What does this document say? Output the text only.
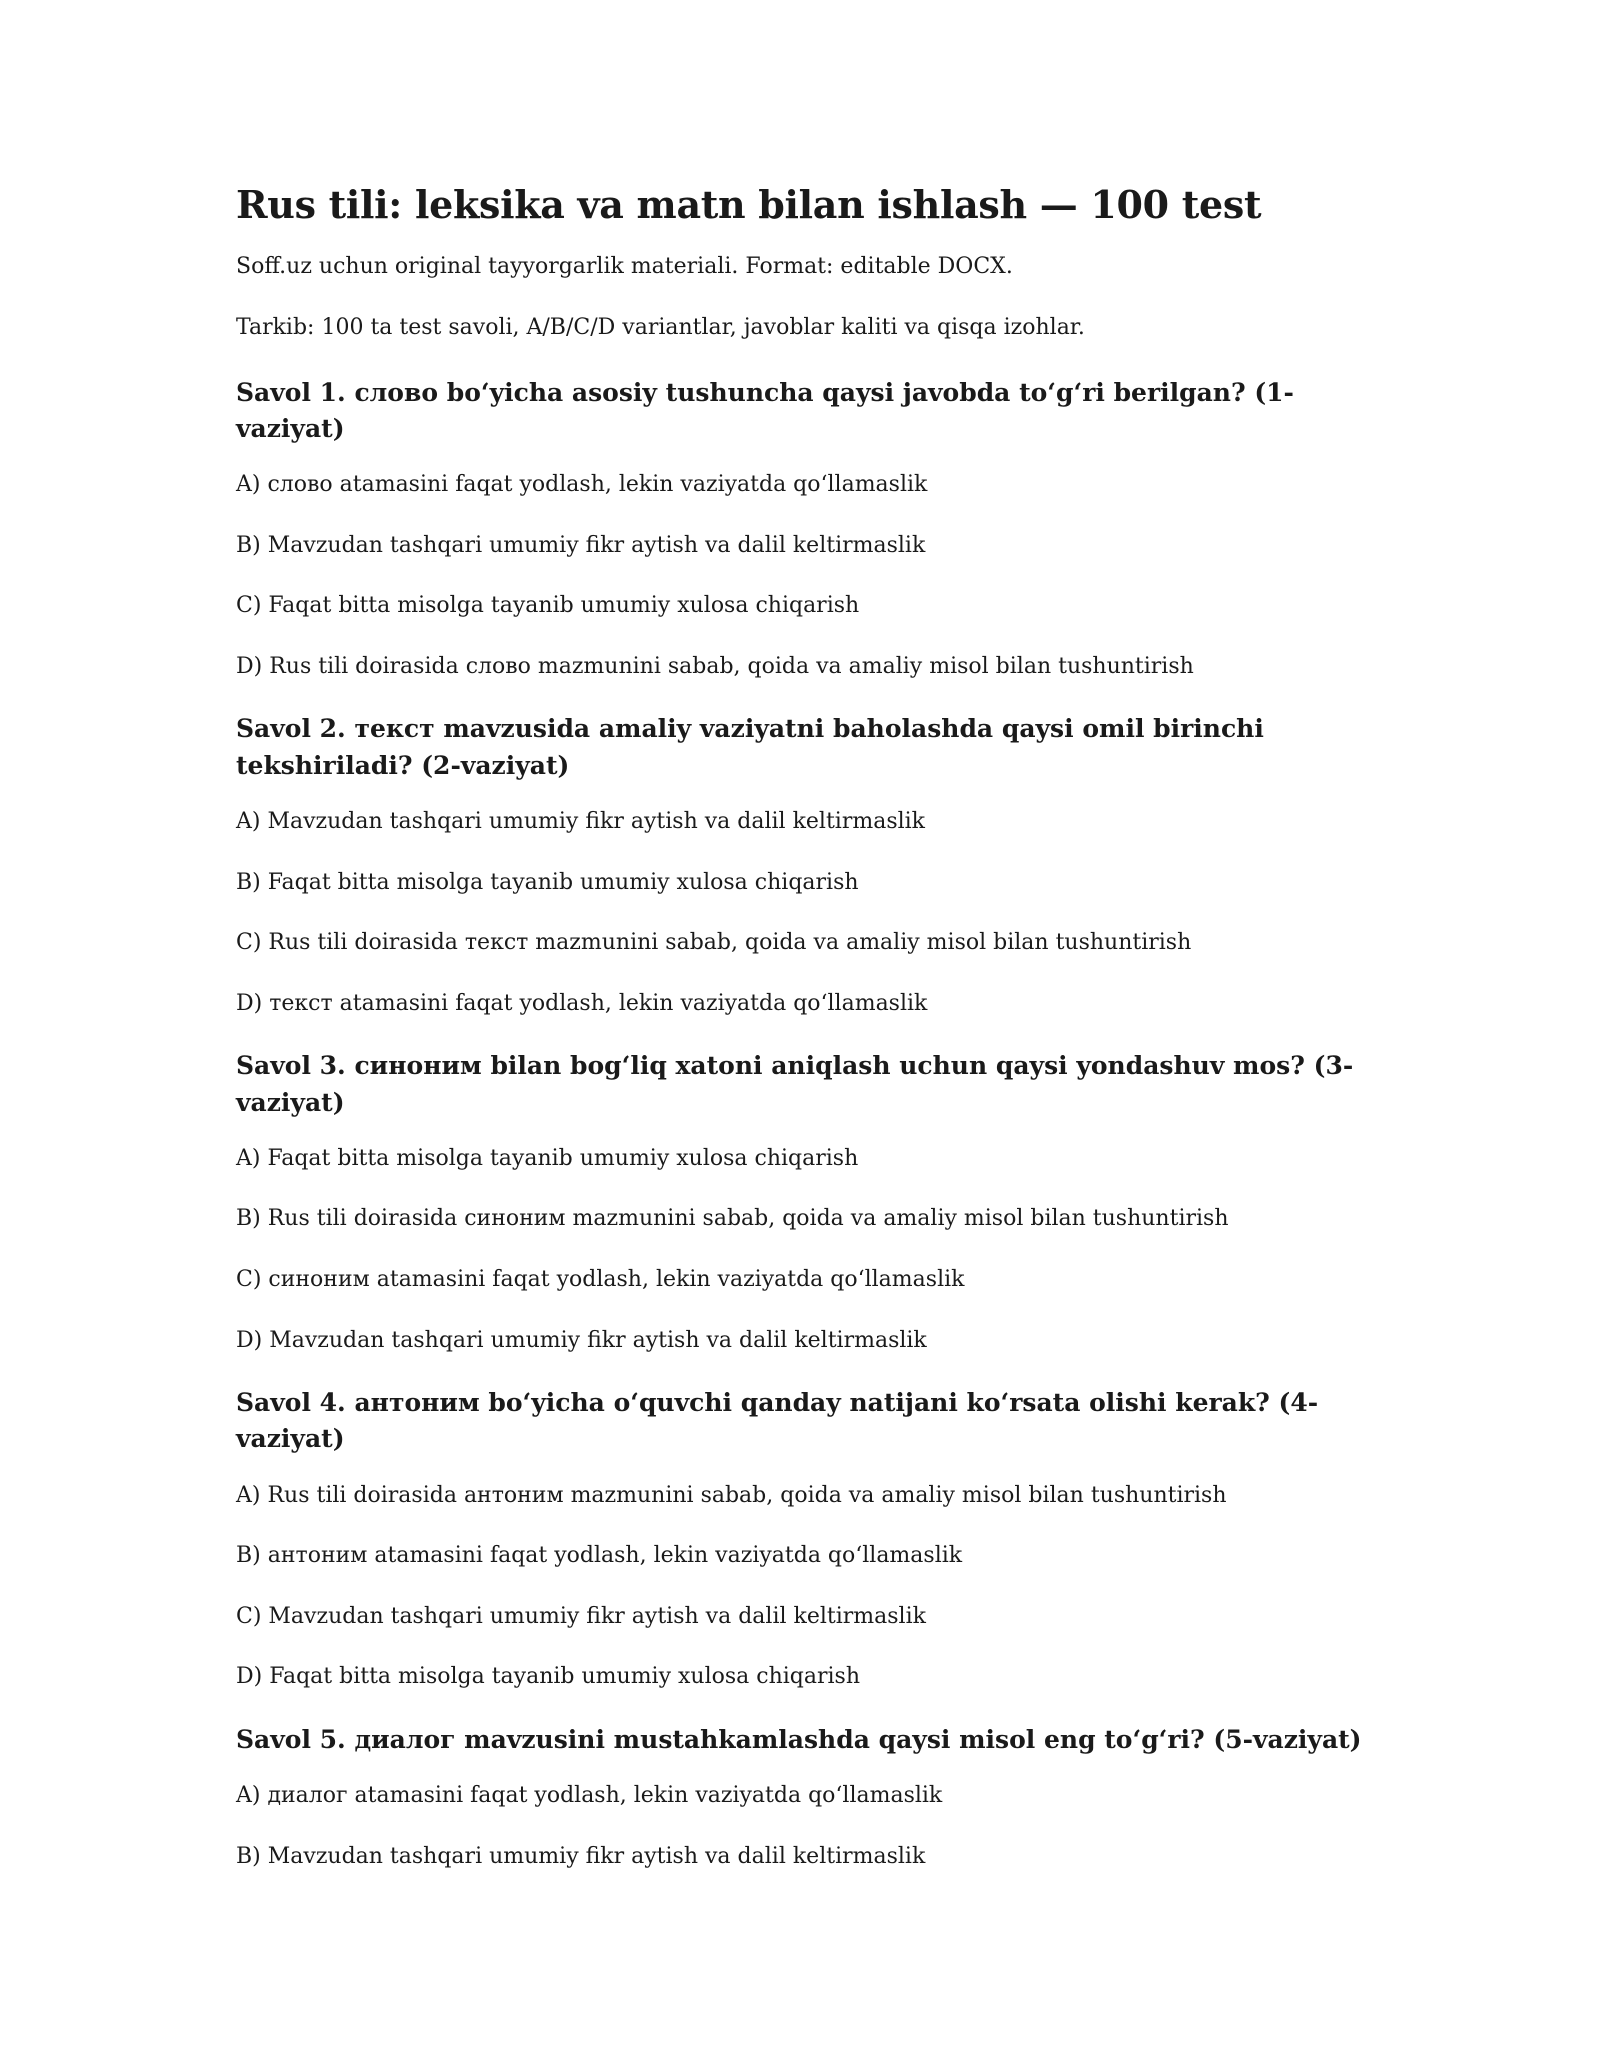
Rus tili: leksika va matn bilan ishlash — 100 test

Soff.uz uchun original tayyorgarlik materiali. Format: editable DOCX.

Tarkib: 100 ta test savoli, A/B/C/D variantlar, javoblar kaliti va qisqa izohlar.

Savol 1. слово bo‘yicha asosiy tushuncha qaysi javobda to‘g‘ri berilgan? (1-vaziyat)

A) слово atamasini faqat yodlash, lekin vaziyatda qo‘llamaslik

B) Mavzudan tashqari umumiy fikr aytish va dalil keltirmaslik

C) Faqat bitta misolga tayanib umumiy xulosa chiqarish

D) Rus tili doirasida слово mazmunini sabab, qoida va amaliy misol bilan tushuntirish

Savol 2. текст mavzusida amaliy vaziyatni baholashda qaysi omil birinchi tekshiriladi? (2-vaziyat)

A) Mavzudan tashqari umumiy fikr aytish va dalil keltirmaslik

B) Faqat bitta misolga tayanib umumiy xulosa chiqarish

C) Rus tili doirasida текст mazmunini sabab, qoida va amaliy misol bilan tushuntirish

D) текст atamasini faqat yodlash, lekin vaziyatda qo‘llamaslik

Savol 3. синоним bilan bog‘liq xatoni aniqlash uchun qaysi yondashuv mos? (3-vaziyat)

A) Faqat bitta misolga tayanib umumiy xulosa chiqarish

B) Rus tili doirasida синоним mazmunini sabab, qoida va amaliy misol bilan tushuntirish

C) синоним atamasini faqat yodlash, lekin vaziyatda qo‘llamaslik

D) Mavzudan tashqari umumiy fikr aytish va dalil keltirmaslik

Savol 4. антоним bo‘yicha o‘quvchi qanday natijani ko‘rsata olishi kerak? (4-vaziyat)

A) Rus tili doirasida антоним mazmunini sabab, qoida va amaliy misol bilan tushuntirish

B) антоним atamasini faqat yodlash, lekin vaziyatda qo‘llamaslik

C) Mavzudan tashqari umumiy fikr aytish va dalil keltirmaslik

D) Faqat bitta misolga tayanib umumiy xulosa chiqarish

Savol 5. диалог mavzusini mustahkamlashda qaysi misol eng to‘g‘ri? (5-vaziyat)

A) диалог atamasini faqat yodlash, lekin vaziyatda qo‘llamaslik

B) Mavzudan tashqari umumiy fikr aytish va dalil keltirmaslik
